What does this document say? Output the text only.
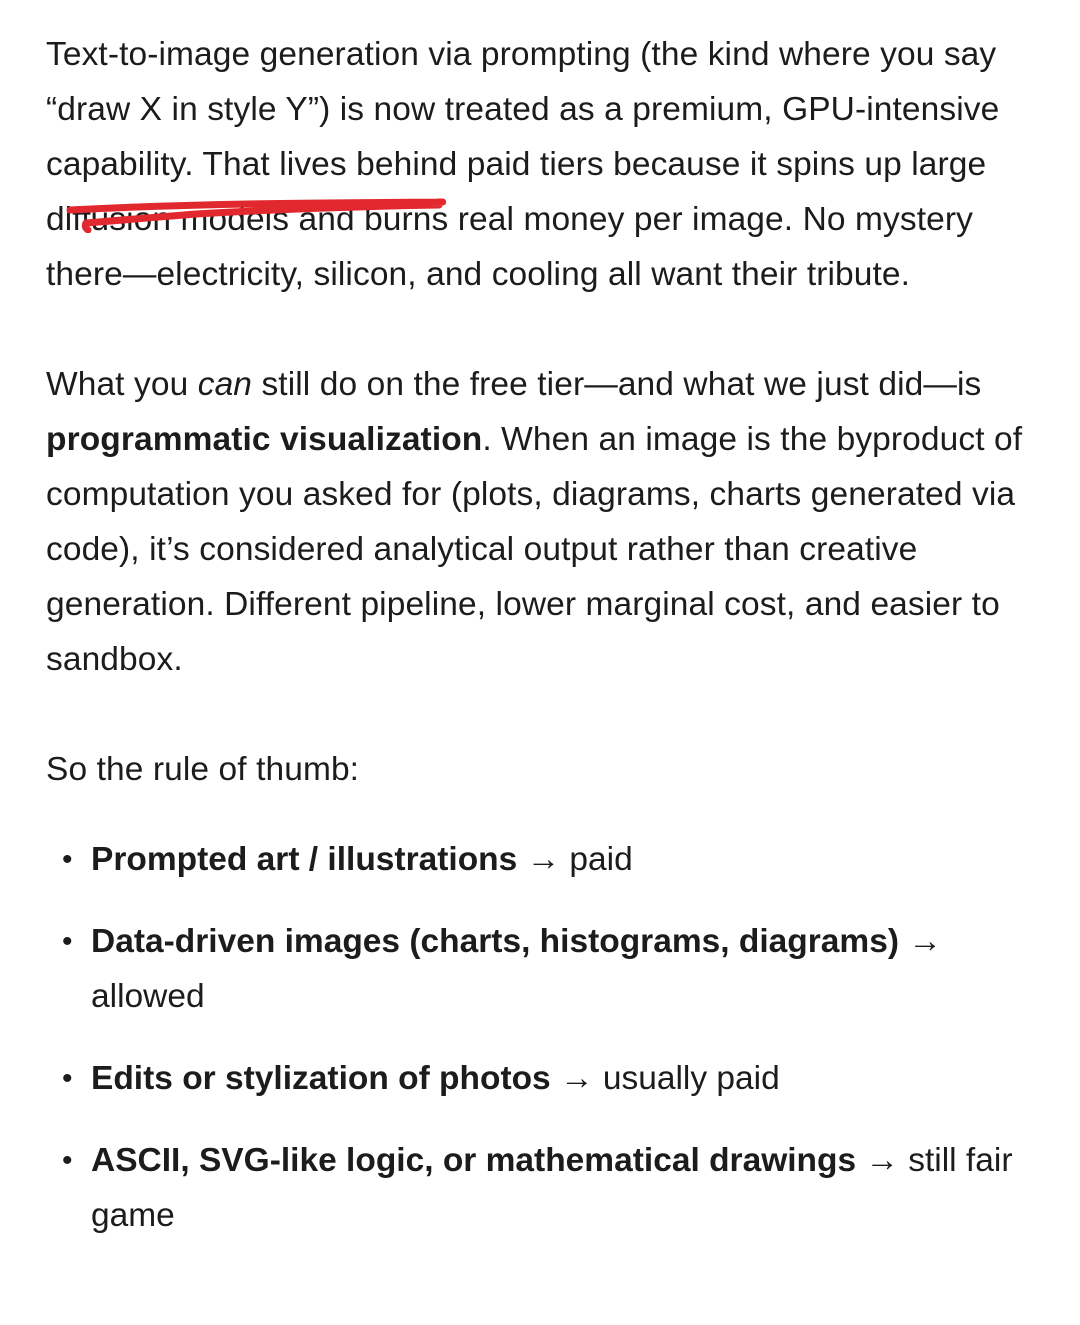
Text-to-image generation via prompting (the kind where you say “draw X in style Y”) is now treated as a premium, GPU-intensive capability. That lives behind paid tiers because it spins up large diffusion models and burns real money per image. No mystery there—electricity, silicon, and cooling all want their tribute.

What you can still do on the free tier—and what we just did—is programmatic visualization. When an image is the byproduct of computation you asked for (plots, diagrams, charts generated via code), it’s considered analytical output rather than creative generation. Different pipeline, lower marginal cost, and easier to sandbox.

So the rule of thumb:

• Prompted art / illustrations → paid
• Data-driven images (charts, histograms, diagrams) → allowed
• Edits or stylization of photos → usually paid
• ASCII, SVG-like logic, or mathematical drawings → still fair game
